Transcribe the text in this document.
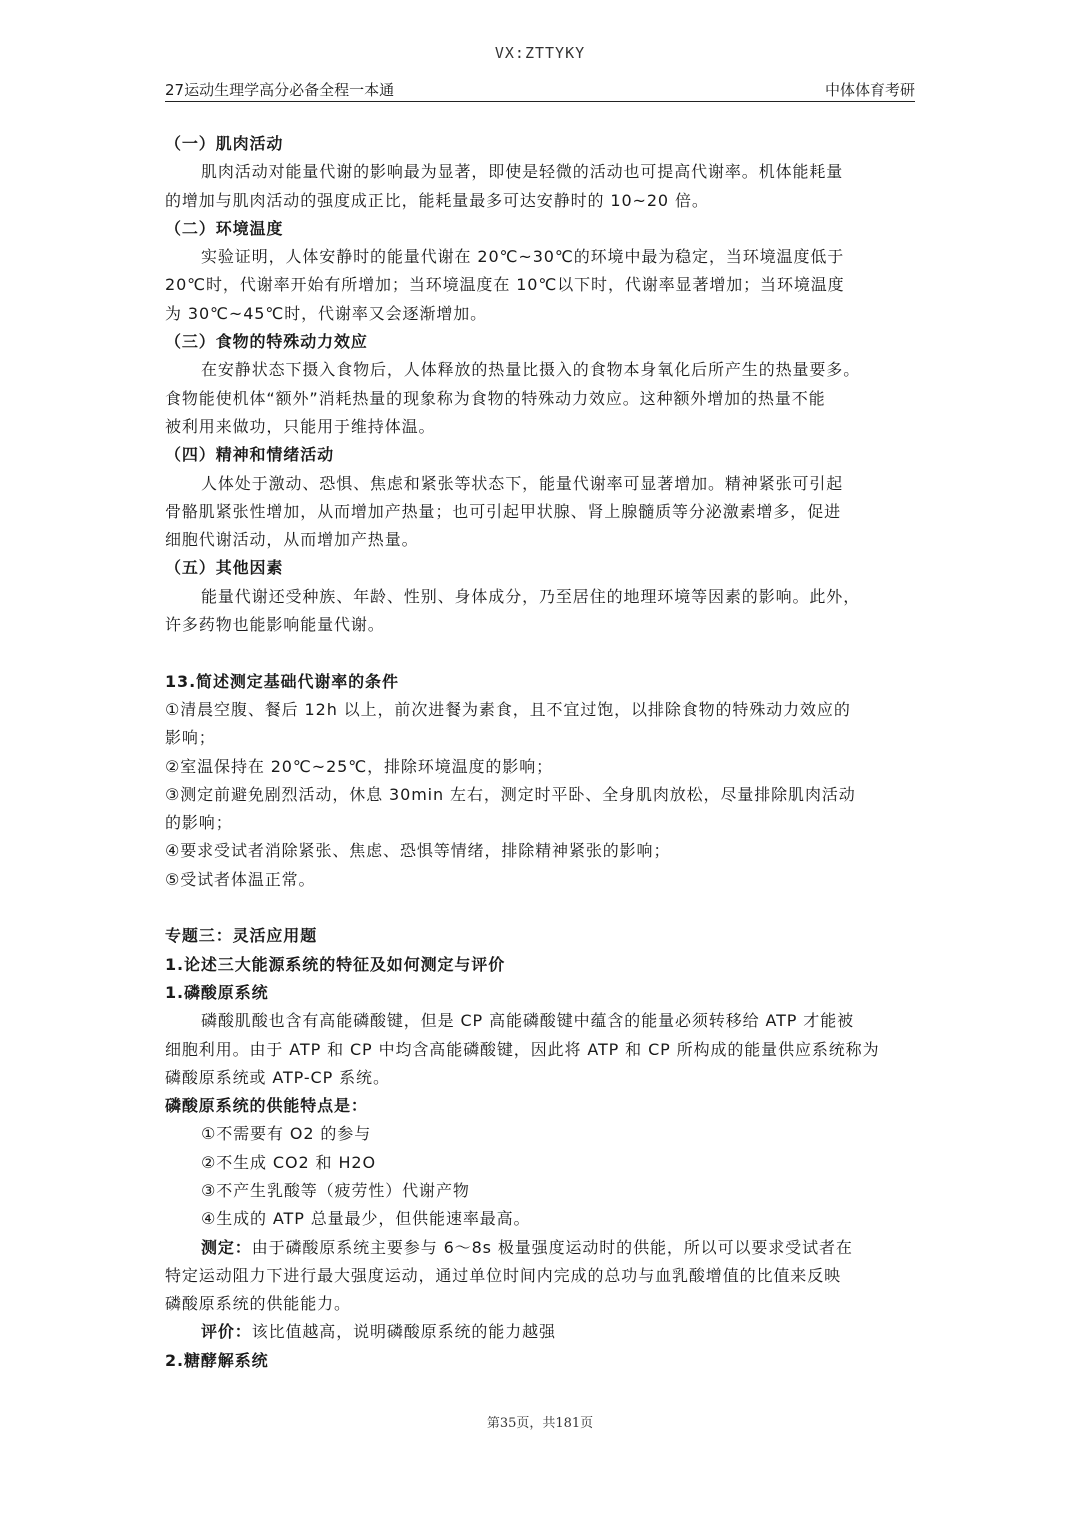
VX:ZTTYKY
27运动生理学高分必备全程一本通	中体体育考研
（一）肌肉活动
肌肉活动对能量代谢的影响最为显著，即使是轻微的活动也可提高代谢率。机体能耗量
的增加与肌肉活动的强度成正比，能耗量最多可达安静时的 10~20 倍。
（二）环境温度
实验证明，人体安静时的能量代谢在 20℃~30℃的环境中最为稳定，当环境温度低于
20℃时，代谢率开始有所增加；当环境温度在 10℃以下时，代谢率显著增加；当环境温度
为 30℃~45℃时，代谢率又会逐渐增加。
（三）食物的特殊动力效应
在安静状态下摄入食物后，人体释放的热量比摄入的食物本身氧化后所产生的热量要多。
食物能使机体“额外”消耗热量的现象称为食物的特殊动力效应。这种额外增加的热量不能
被利用来做功，只能用于维持体温。
（四）精神和情绪活动
人体处于激动、恐惧、焦虑和紧张等状态下，能量代谢率可显著增加。精神紧张可引起
骨骼肌紧张性增加，从而增加产热量；也可引起甲状腺、肾上腺髓质等分泌激素增多，促进
细胞代谢活动，从而增加产热量。
（五）其他因素
能量代谢还受种族、年龄、性别、身体成分，乃至居住的地理环境等因素的影响。此外，
许多药物也能影响能量代谢。
13.简述测定基础代谢率的条件
①清晨空腹、餐后 12h 以上，前次进餐为素食，且不宜过饱，以排除食物的特殊动力效应的
影响；
②室温保持在 20℃~25℃，排除环境温度的影响；
③测定前避免剧烈活动，休息 30min 左右，测定时平卧、全身肌肉放松，尽量排除肌肉活动
的影响；
④要求受试者消除紧张、焦虑、恐惧等情绪，排除精神紧张的影响；
⑤受试者体温正常。
专题三：灵活应用题
1.论述三大能源系统的特征及如何测定与评价
1.磷酸原系统
磷酸肌酸也含有高能磷酸键，但是 CP 高能磷酸键中蕴含的能量必须转移给 ATP 才能被
细胞利用。由于 ATP 和 CP 中均含高能磷酸键，因此将 ATP 和 CP 所构成的能量供应系统称为
磷酸原系统或 ATP-CP 系统。
磷酸原系统的供能特点是：
①不需要有 O2 的参与
②不生成 CO2 和 H2O
③不产生乳酸等（疲劳性）代谢产物
④生成的 ATP 总量最少，但供能速率最高。
测定：由于磷酸原系统主要参与 6～8s 极量强度运动时的供能，所以可以要求受试者在
特定运动阻力下进行最大强度运动，通过单位时间内完成的总功与血乳酸增值的比值来反映
磷酸原系统的供能能力。
评价：该比值越高，说明磷酸原系统的能力越强
2.糖酵解系统
第35页，共181页
